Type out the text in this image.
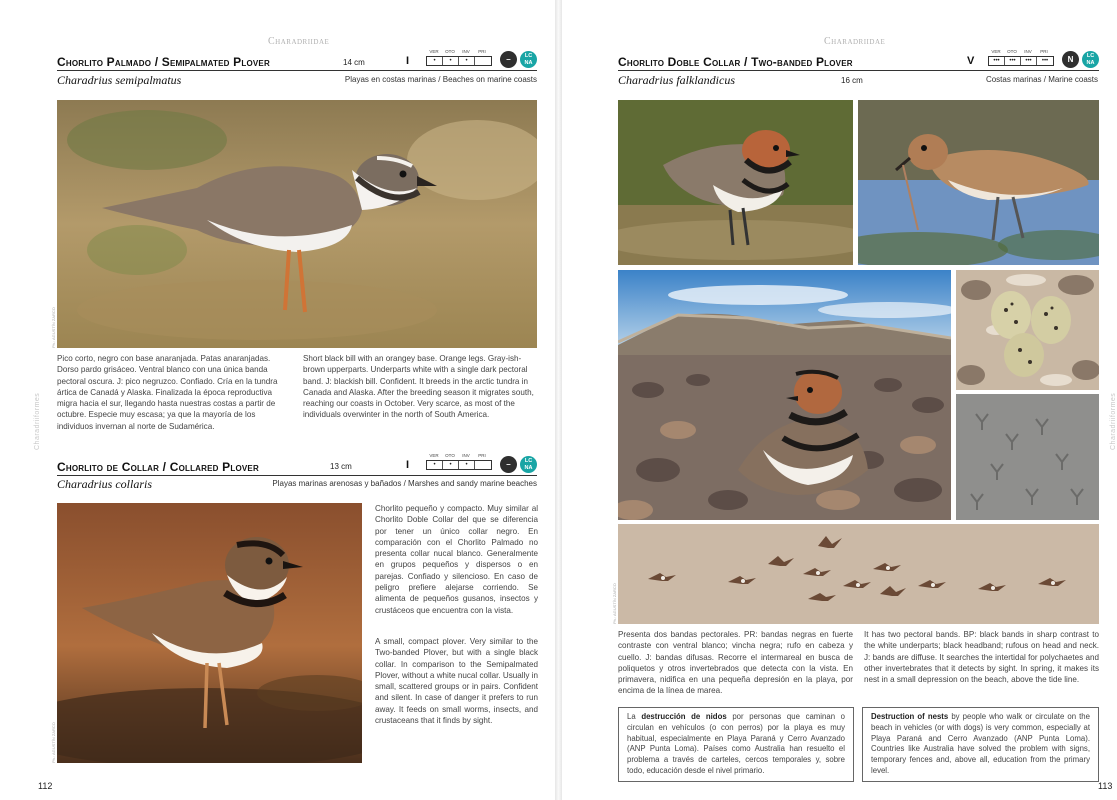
Charadriidae
Chorlito Palmado / Semipalmated Plover	14 cm	I
VER	OTO	INV	PRI
•	•	•	–	LC
NA
Charadrius semipalmatus	Playas en costas marinas / Beaches on marine coasts
Ph.: AGUSTÍN ZARCO
Pico corto, negro con base anaranjada. Patas anaranjadas. Dorso pardo grisáceo. Ventral blanco con una única banda pectoral oscura. J: pico negruzco. Confiado. Cría en la tundra ártica de Canadá y Alaska. Finalizada la época reproductiva migra hacia el sur, llegando hasta nuestras costas a partir de octubre. Especie muy escasa; ya que la mayoría de los individuos invernan al norte de Sudamérica.
Short black bill with an orangey base. Orange legs. Gray-ish-brown upperparts. Underparts white with a single dark pectoral band. J: blackish bill. Confident. It breeds in the arctic tundra in Canada and Alaska. After the breeding season it migrates south, reaching our coasts in October. Very scarce, as most of the individuals overwinter in the north of South America.
Chorlito de Collar / Collared Plover	13 cm	I
VER	OTO	INV	PRI
•	•	•	–	LC
NA
Charadrius collaris	Playas marinas arenosas y bañados / Marshes and sandy marine beaches
Ph.: AGUSTÍN ZARCO
Chorlito pequeño y compacto. Muy similar al Chorlito Doble Collar del que se diferencia por tener un único collar negro. En comparación con el Chorlito Palmado no presenta collar nucal blanco. Generalmente en grupos pequeños y dispersos o en parejas. Confiado y silencioso. En caso de peligro prefiere alejarse corriendo. Se alimenta de pequeños gusanos, insectos y crustáceos que encuentra con la vista.
A small, compact plover. Very similar to the Two-banded Plover, but with a single black collar. In comparison to the Semipalmated Plover, without a white nucal collar. Usually in small, scattered groups or in pairs. Confident and silent. In case of danger it prefers to run away. It feeds on small worms, insects, and crustaceans that it finds by sight.
Charadriiformes
112
Charadriidae
Chorlito Doble Collar / Two-banded Plover	V
VER	OTO	INV	PRI
•••	•••	•••	•••	N	LC
NA
Charadrius falklandicus	16 cm	Costas marinas / Marine coasts
Ph.: AGUSTÍN ZARCO
Presenta dos bandas pectorales. PR: bandas negras en fuerte contraste con ventral blanco; vincha negra; rufo en cabeza y cuello. J: bandas difusas. Recorre el intermareal en busca de poliquetos y otros invertebrados que detecta con la vista. En primavera, nidifica en una pequeña depresión en la playa, por encima de la línea de marea.
It has two pectoral bands. BP: black bands in sharp contrast to the white underparts; black headband; rufous on head and neck. J: bands are diffuse. It searches the intertidal for polychaetes and other invertebrates that it detects by sight. In spring, it makes its nest in a small depression on the beach, above the tide line.
La destrucción de nidos por personas que caminan o circulan en vehículos (o con perros) por la playa es muy habitual, especialmente en Playa Paraná y Cerro Avanzado (ANP Punta Loma). Países como Australia han resuelto el problema a través de carteles, cercos temporales y, sobre todo, educación desde el nivel primario.
Destruction of nests by people who walk or circulate on the beach in vehicles (or with dogs) is very common, especially at Playa Paraná and Cerro Avanzado (ANP Punta Loma). Countries like Australia have solved the problem with signs, temporary fences and, above all, education from the primary level.
Charadriiformes
113
